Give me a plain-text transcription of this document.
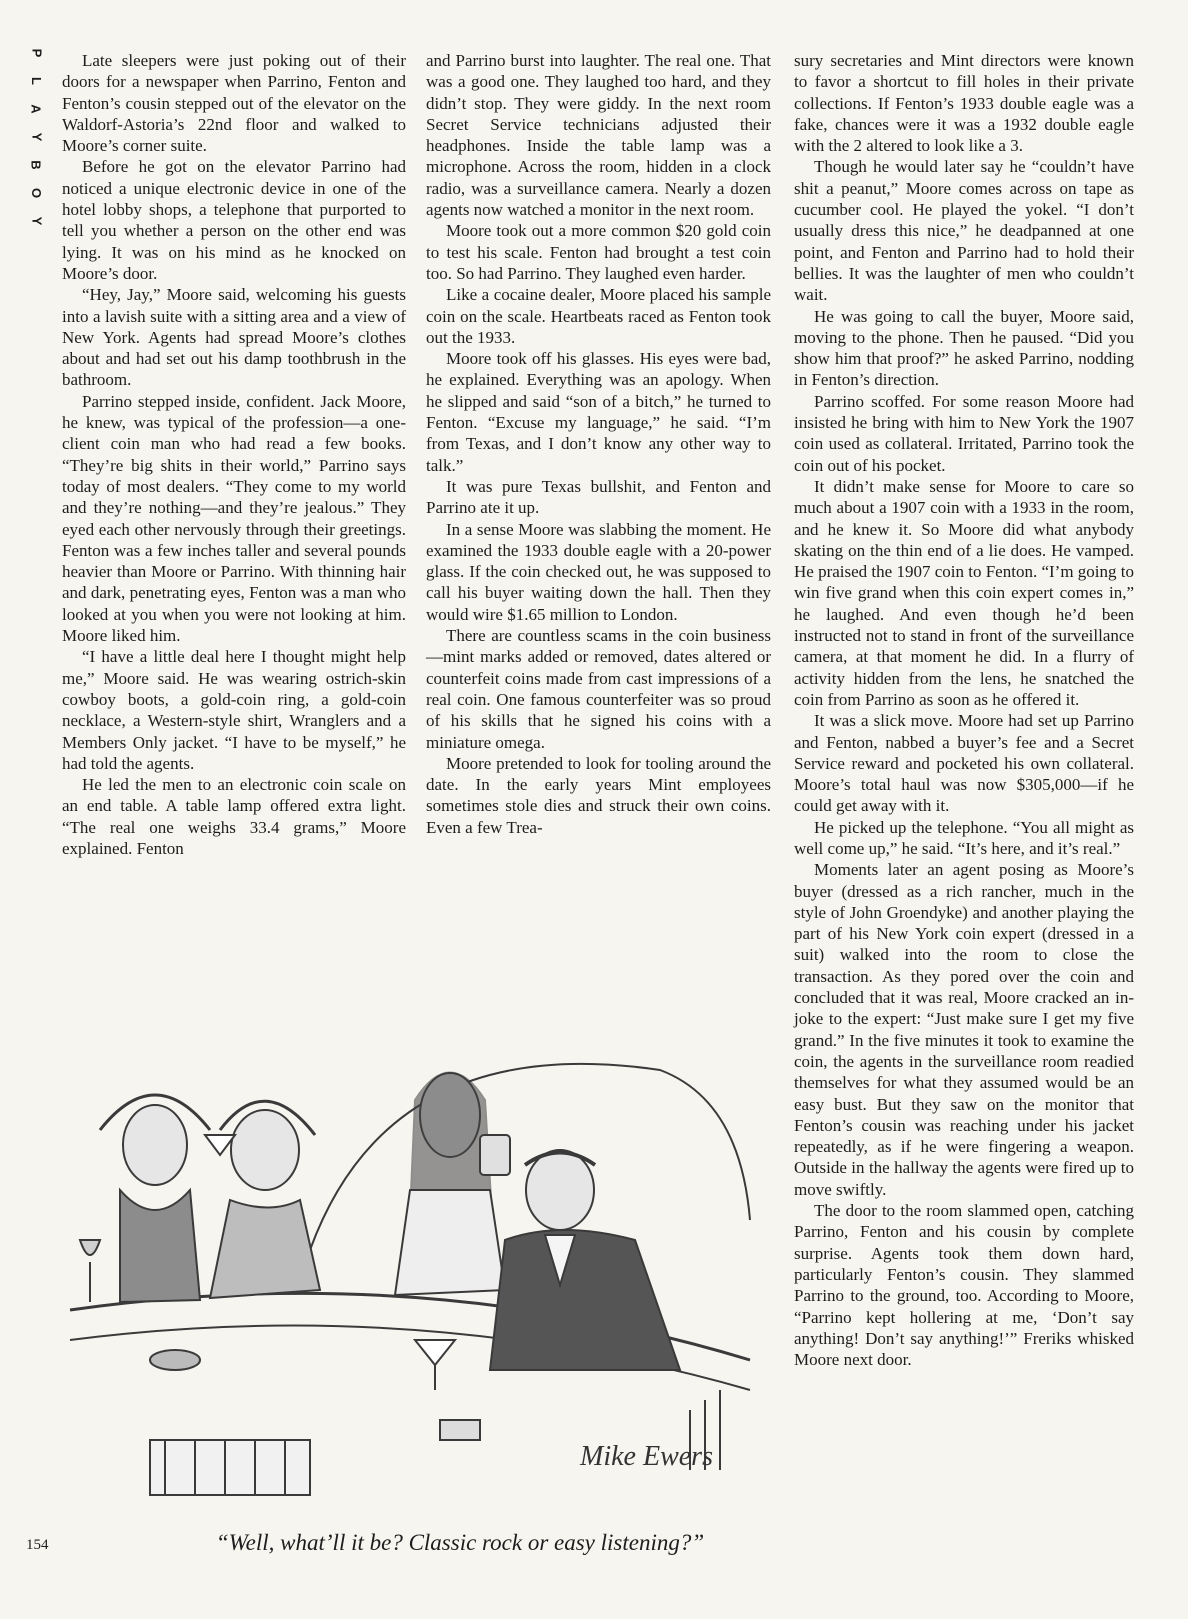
P
L
A
Y
B
O
Y

Late sleepers were just poking out of their doors for a newspaper when Parrino, Fenton and Fenton’s cousin stepped out of the elevator on the Waldorf-Astoria’s 22nd floor and walked to Moore’s corner suite.

Before he got on the elevator Parrino had noticed a unique electronic device in one of the hotel lobby shops, a telephone that purported to tell you whether a person on the other end was lying. It was on his mind as he knocked on Moore’s door.

“Hey, Jay,” Moore said, welcoming his guests into a lavish suite with a sitting area and a view of New York. Agents had spread Moore’s clothes about and had set out his damp toothbrush in the bathroom.

Parrino stepped inside, confident. Jack Moore, he knew, was typical of the profession—a one-client coin man who had read a few books. “They’re big shits in their world,” Parrino says today of most dealers. “They come to my world and they’re nothing—and they’re jealous.” They eyed each other nervously through their greetings. Fenton was a few inches taller and several pounds heavier than Moore or Parrino. With thinning hair and dark, penetrating eyes, Fenton was a man who looked at you when you were not looking at him. Moore liked him.

“I have a little deal here I thought might help me,” Moore said. He was wearing ostrich-skin cowboy boots, a gold-coin ring, a gold-coin necklace, a Western-style shirt, Wranglers and a Members Only jacket. “I have to be myself,” he had told the agents.

He led the men to an electronic coin scale on an end table. A table lamp offered extra light. “The real one weighs 33.4 grams,” Moore explained. Fenton

and Parrino burst into laughter. The real one. That was a good one. They laughed too hard, and they didn’t stop. They were giddy. In the next room Secret Service technicians adjusted their headphones. Inside the table lamp was a microphone. Across the room, hidden in a clock radio, was a surveillance camera. Nearly a dozen agents now watched a monitor in the next room.

Moore took out a more common $20 gold coin to test his scale. Fenton had brought a test coin too. So had Parrino. They laughed even harder.

Like a cocaine dealer, Moore placed his sample coin on the scale. Heartbeats raced as Fenton took out the 1933.

Moore took off his glasses. His eyes were bad, he explained. Everything was an apology. When he slipped and said “son of a bitch,” he turned to Fenton. “Excuse my language,” he said. “I’m from Texas, and I don’t know any other way to talk.”

It was pure Texas bullshit, and Fenton and Parrino ate it up.

In a sense Moore was slabbing the moment. He examined the 1933 double eagle with a 20-power glass. If the coin checked out, he was supposed to call his buyer waiting down the hall. Then they would wire $1.65 million to London.

There are countless scams in the coin business—mint marks added or removed, dates altered or counterfeit coins made from cast impressions of a real coin. One famous counterfeiter was so proud of his skills that he signed his coins with a miniature omega.

Moore pretended to look for tooling around the date. In the early years Mint employees sometimes stole dies and struck their own coins. Even a few Trea-

sury secretaries and Mint directors were known to favor a shortcut to fill holes in their private collections. If Fenton’s 1933 double eagle was a fake, chances were it was a 1932 double eagle with the 2 altered to look like a 3.

Though he would later say he “couldn’t have shit a peanut,” Moore comes across on tape as cucumber cool. He played the yokel. “I don’t usually dress this nice,” he deadpanned at one point, and Fenton and Parrino had to hold their bellies. It was the laughter of men who couldn’t wait.

He was going to call the buyer, Moore said, moving to the phone. Then he paused. “Did you show him that proof?” he asked Parrino, nodding in Fenton’s direction.

Parrino scoffed. For some reason Moore had insisted he bring with him to New York the 1907 coin used as collateral. Irritated, Parrino took the coin out of his pocket.

It didn’t make sense for Moore to care so much about a 1907 coin with a 1933 in the room, and he knew it. So Moore did what anybody skating on the thin end of a lie does. He vamped. He praised the 1907 coin to Fenton. “I’m going to win five grand when this coin expert comes in,” he laughed. And even though he’d been instructed not to stand in front of the surveillance camera, at that moment he did. In a flurry of activity hidden from the lens, he snatched the coin from Parrino as soon as he offered it.

It was a slick move. Moore had set up Parrino and Fenton, nabbed a buyer’s fee and a Secret Service reward and pocketed his own collateral. Moore’s total haul was now $305,000—if he could get away with it.

He picked up the telephone. “You all might as well come up,” he said. “It’s here, and it’s real.”

Moments later an agent posing as Moore’s buyer (dressed as a rich rancher, much in the style of John Groendyke) and another playing the part of his New York coin expert (dressed in a suit) walked into the room to close the transaction. As they pored over the coin and concluded that it was real, Moore cracked an in-joke to the expert: “Just make sure I get my five grand.” In the five minutes it took to examine the coin, the agents in the surveillance room readied themselves for what they assumed would be an easy bust. But they saw on the monitor that Fenton’s cousin was reaching under his jacket repeatedly, as if he were fingering a weapon. Outside in the hallway the agents were fired up to move swiftly.

The door to the room slammed open, catching Parrino, Fenton and his cousin by complete surprise. Agents took them down hard, particularly Fenton’s cousin. They slammed Parrino to the ground, too. According to Moore, “Parrino kept hollering at me, ‘Don’t say anything! Don’t say anything!’” Freriks whisked Moore next door.

Mike Ewers
“Well, what’ll it be? Classic rock or easy listening?”
154
